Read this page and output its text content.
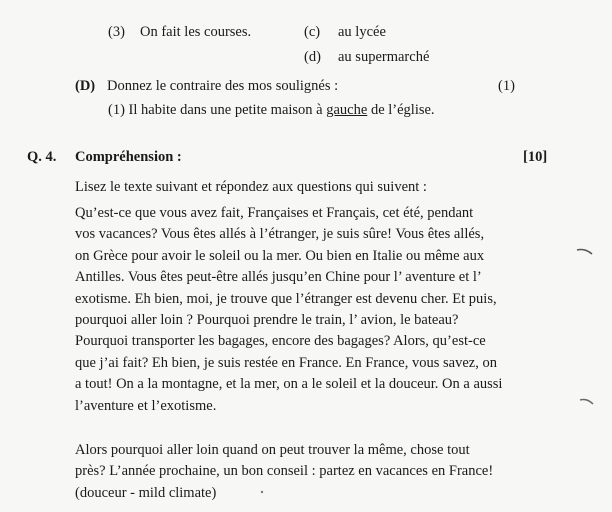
(3) On fait les courses.	(c) au lycée
(d) au supermarché
(D) Donnez le contraire des mos soulignés :	(1)
(1) Il habite dans une petite maison à gauche de l’église.
Q. 4. Compréhension :	[10]
Lisez le texte suivant et répondez aux questions qui suivent :
Qu’est-ce que vous avez fait, Françaises et Français, cet été, pendant
vos vacances? Vous êtes allés à l’étranger, je suis sûre! Vous êtes allés,
on Grèce pour avoir le soleil ou la mer. Ou bien en Italie ou même aux
Antilles. Vous êtes peut-être allés jusqu’en Chine pour l’ aventure et l’
exotisme. Eh bien, moi, je trouve que l’étranger est devenu cher. Et puis,
pourquoi aller loin ? Pourquoi prendre le train, l’ avion, le bateau?
Pourquoi transporter les bagages, encore des bagages? Alors, qu’est-ce
que j’ai fait? Eh bien, je suis restée en France. En France, vous savez, on
a tout! On a la montagne, et la mer, on a le soleil et la douceur. On a aussi
l’aventure et l’exotisme.
Alors pourquoi aller loin quand on peut trouver la même, chose tout
près? L’année prochaine, un bon conseil : partez en vacances en France!
(douceur - mild climate)
